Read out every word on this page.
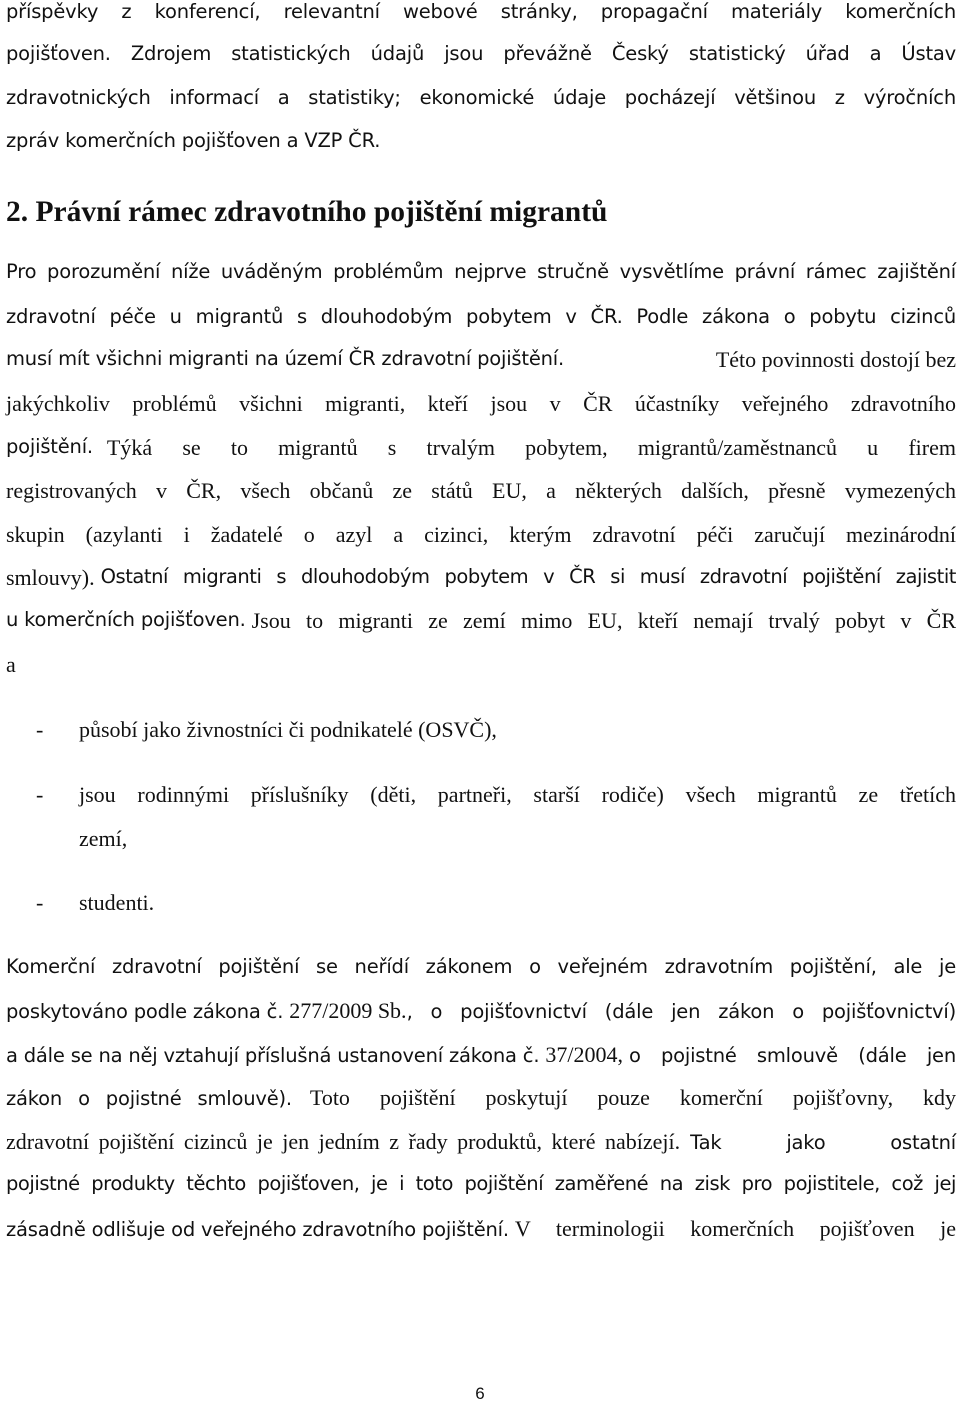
příspěvky z konferencí, relevantní webové stránky, propagační materiály komerčních
pojišťoven. Zdrojem statistických údajů jsou převážně Český statistický úřad a Ústav
zdravotnických informací a statistiky; ekonomické údaje pocházejí většinou z výročních
zpráv komerčních pojišťoven a VZP ČR.
2. Právní rámec zdravotního pojištění migrantů
Pro porozumění níže uváděným problémům nejprve stručně vysvětlíme právní rámec zajištění
zdravotní péče u migrantů s dlouhodobým pobytem v ČR. Podle zákona o pobytu cizinců
musí mít všichni migranti na území ČR zdravotní pojištění.	Této povinnosti dostojí bez
jakýchkoliv problémů všichni migranti, kteří jsou v ČR účastníky veřejného zdravotního
pojištění. Týká se to migrantů s trvalým pobytem, migrantů/zaměstnanců u firem
registrovaných v ČR, všech občanů ze států EU, a některých dalších, přesně vymezených
skupin (azylanti i žadatelé o azyl a cizinci, kterým zdravotní péči zaručují mezinárodní
smlouvy). Ostatní migranti s dlouhodobým pobytem v ČR si musí zdravotní pojištění zajistit
u komerčních pojišťoven. Jsou to migranti ze zemí mimo EU, kteří nemají trvalý pobyt v ČR
a
- působí jako živnostníci či podnikatelé (OSVČ),
- jsou rodinnými příslušníky (děti, partneři, starší rodiče) všech migrantů ze třetích
zemí,
- studenti.
Komerční zdravotní pojištění se neřídí zákonem o veřejném zdravotním pojištění, ale je
poskytováno podle zákona č. 277/2009 Sb. , o pojišťovnictví (dále jen zákon o pojišťovnictví)
a dále se na něj vztahují příslušná ustanovení zákona č. 37/2004, o pojistné smlouvě (dále jen
zákon o pojistné smlouvě). Toto pojištění poskytují pouze komerční pojišťovny, kdy
zdravotní pojištění cizinců je jen jedním z řady produktů, které nabízejí. Tak jako ostatní
pojistné produkty těchto pojišťoven, je i toto pojištění zaměřené na zisk pro pojistitele, což jej
zásadně odlišuje od veřejného zdravotního pojištění. V terminologii komerčních pojišťoven je
6
